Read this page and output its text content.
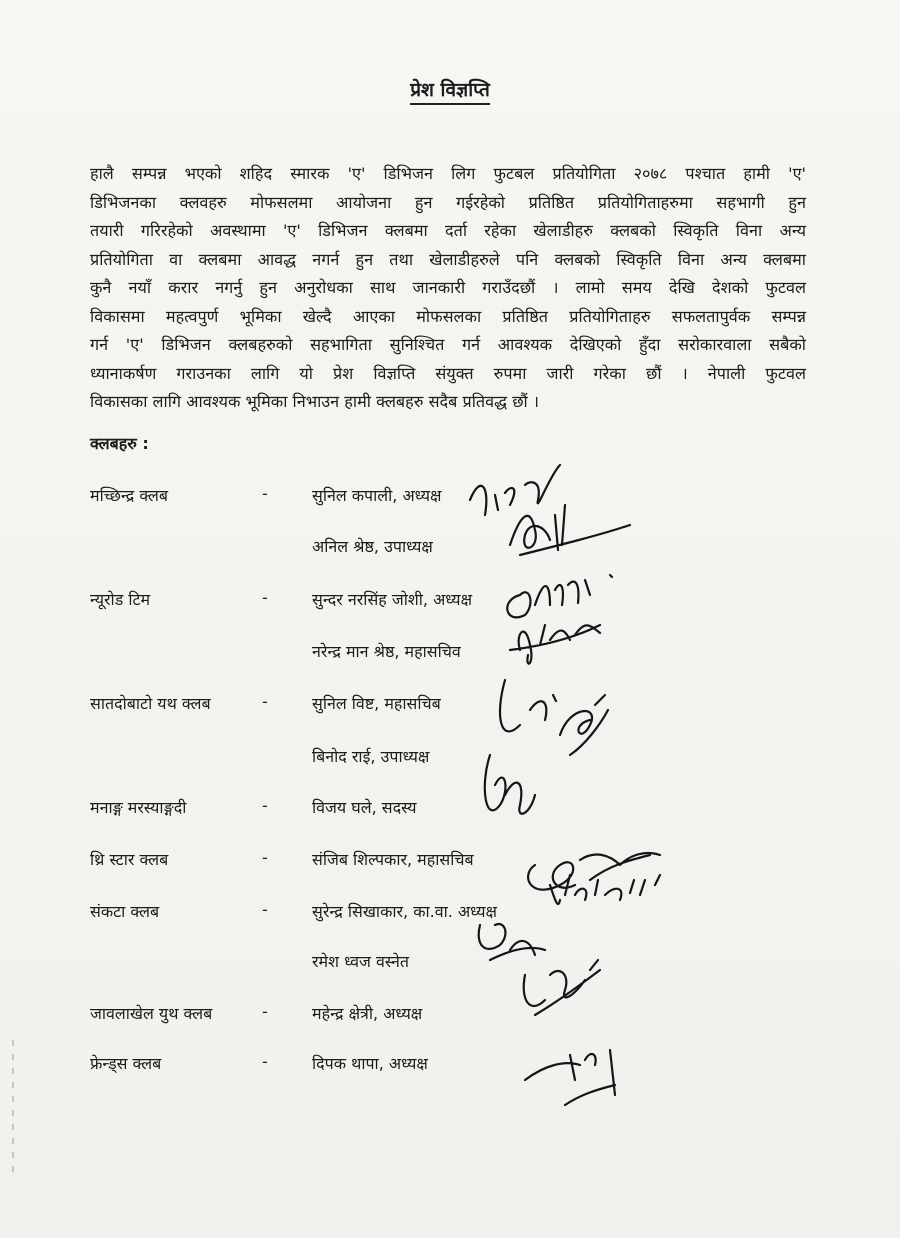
प्रेश विज्ञप्ति
हालै सम्पन्न भएको शहिद स्मारक 'ए' डिभिजन लिग फुटबल प्रतियोगिता २०७८ पश्चात हामी 'ए'
डिभिजनका क्लवहरु मोफसलमा आयोजना हुन गईरहेको प्रतिष्ठित प्रतियोगिताहरुमा सहभागी हुन
तयारी गरिरहेको अवस्थामा 'ए' डिभिजन क्लबमा दर्ता रहेका खेलाडीहरु क्लबको स्विकृति विना अन्य
प्रतियोगिता वा क्लबमा आवद्ध नगर्न हुन तथा खेलाडीहरुले पनि क्लबको स्विकृति विना अन्य क्लबमा
कुनै नयाँ करार नगर्नु हुन अनुरोधका साथ जानकारी गराउँदछौं । लामो समय देखि देशको फुटवल
विकासमा महत्वपुर्ण भूमिका खेल्दै आएका मोफसलका प्रतिष्ठित प्रतियोगिताहरु सफलतापुर्वक सम्पन्न
गर्न 'ए' डिभिजन क्लबहरुको सहभागिता सुनिश्चित गर्न आवश्यक देखिएको हुँदा सरोकारवाला सबैको
ध्यानाकर्षण गराउनका लागि यो प्रेश विज्ञप्ति संयुक्त रुपमा जारी गरेका छौं । नेपाली फुटवल
विकासका लागि आवश्यक भूमिका निभाउन हामी क्लबहरु सदैब प्रतिवद्ध छौं ।
क्लबहरु :
मच्छिन्द्र क्लब	-	सुनिल कपाली, अध्यक्ष
अनिल श्रेष्ठ, उपाध्यक्ष
न्यूरोड टिम	-	सुन्दर नरसिंह जोशी, अध्यक्ष
नरेन्द्र मान श्रेष्ठ, महासचिव
सातदोबाटो यथ क्लब	-	सुनिल विष्ट, महासचिब
बिनोद राई, उपाध्यक्ष
मनाङ्ग मरस्याङ्गदी	-	विजय घले, सदस्य
थ्रि स्टार क्लब	-	संजिब शिल्पकार, महासचिब
संकटा क्लब	-	सुरेन्द्र सिखाकार, का.वा. अध्यक्ष
रमेश ध्वज वस्नेत
जावलाखेल युथ क्लब	-	महेन्द्र क्षेत्री, अध्यक्ष
फ्रेन्ड्स क्लब	-	दिपक थापा, अध्यक्ष
